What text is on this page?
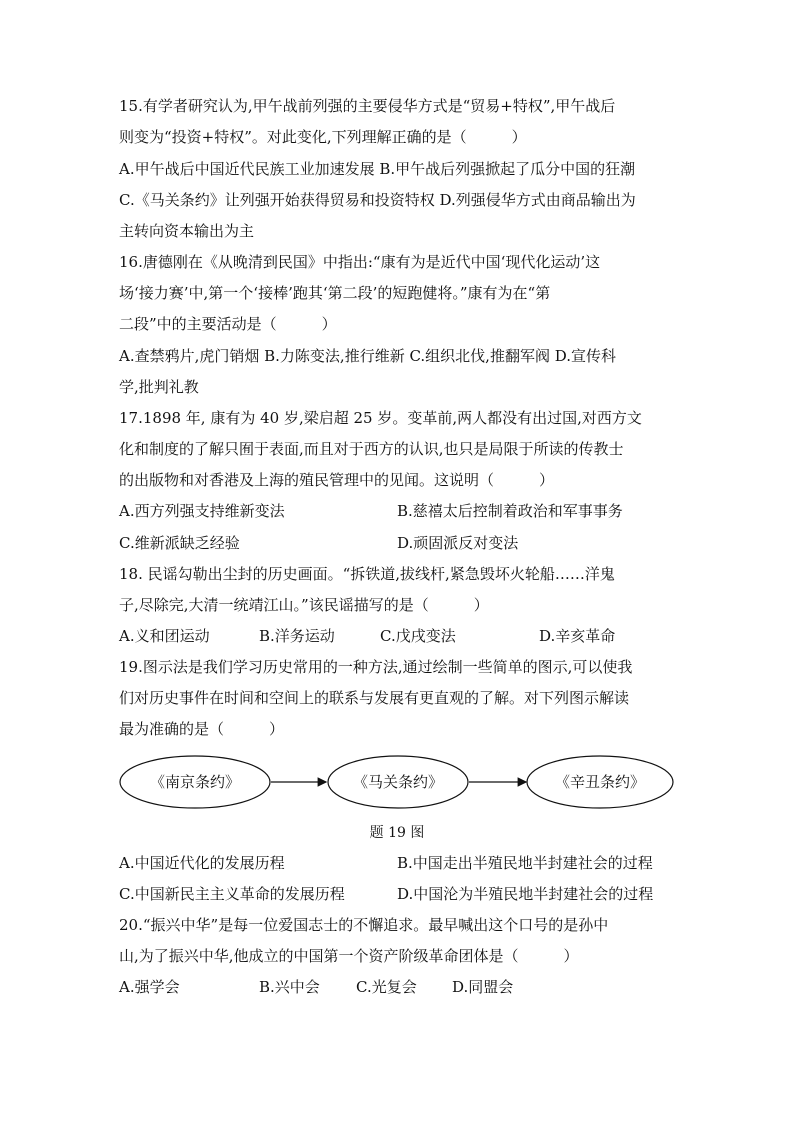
15.有学者研究认为,甲午战前列强的主要侵华方式是“贸易+特权”,甲午战后
则变为“投资+特权”。对此变化,下列理解正确的是（　　　）
A.甲午战后中国近代民族工业加速发展 B.甲午战后列强掀起了瓜分中国的狂潮
C.《马关条约》让列强开始获得贸易和投资特权 D.列强侵华方式由商品输出为
主转向资本输出为主
16.唐德刚在《从晚清到民国》中指出:“康有为是近代中国‘现代化运动’这
场‘接力赛’中,第一个‘接棒’跑其‘第二段’的短跑健将。”康有为在“第
二段”中的主要活动是（　　　）
A.查禁鸦片,虎门销烟 B.力陈变法,推行维新 C.组织北伐,推翻军阀 D.宣传科
学,批判礼教
17.1898 年, 康有为 40 岁,梁启超 25 岁。变革前,两人都没有出过国,对西方文
化和制度的了解只囿于表面,而且对于西方的认识,也只是局限于所读的传教士
的出版物和对香港及上海的殖民管理中的见闻。这说明（　　　）
A.西方列强支持维新变法	B.慈禧太后控制着政治和军事事务
C.维新派缺乏经验	D.顽固派反对变法
18. 民谣勾勒出尘封的历史画面。“拆铁道,拔线杆,紧急毁坏火轮船……洋鬼
子,尽除完,大清一统靖江山。”该民谣描写的是（　　　）
A.义和团运动	B.洋务运动	C.戊戌变法	D.辛亥革命
19.图示法是我们学习历史常用的一种方法,通过绘制一些简单的图示,可以使我
们对历史事件在时间和空间上的联系与发展有更直观的了解。对下列图示解读
最为准确的是（　　　）
《南京条约》	《马关条约》	《辛丑条约》
题 19 图
A.中国近代化的发展历程	B.中国走出半殖民地半封建社会的过程
C.中国新民主主义革命的发展历程	D.中国沦为半殖民地半封建社会的过程
20.“振兴中华”是每一位爱国志士的不懈追求。最早喊出这个口号的是孙中
山,为了振兴中华,他成立的中国第一个资产阶级革命团体是（　　　）
A.强学会	B.兴中会 C.光复会 D.同盟会
